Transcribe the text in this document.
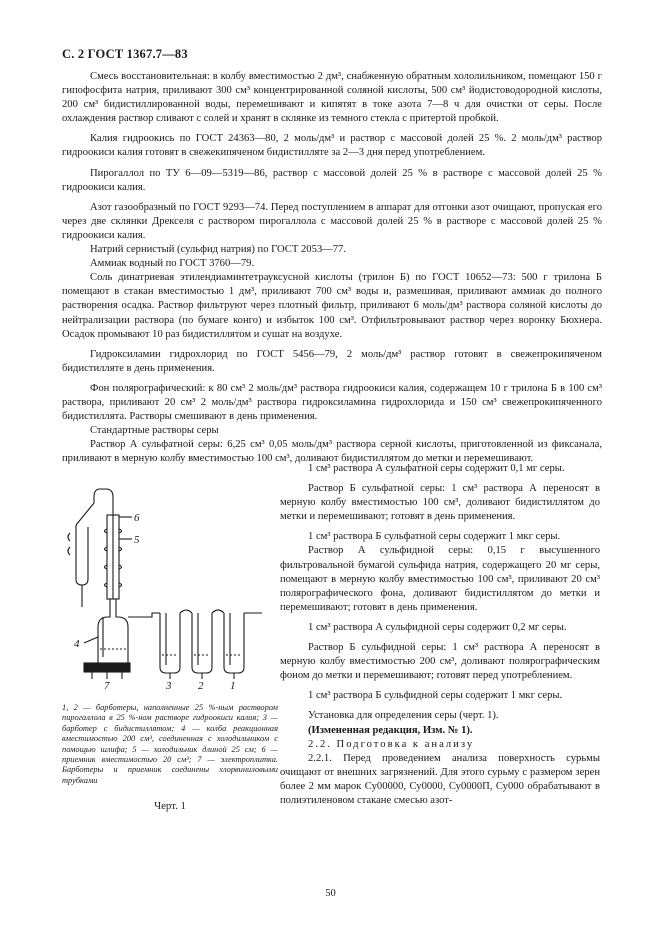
С. 2 ГОСТ 1367.7—83

Смесь восстановительная: в колбу вместимостью 2 дм³, снабженную обратным хололильником, помещают 150 г гипофосфита натрия, приливают 300 см³ концентрированной соляной кислоты, 500 см³ йодистоводородной кислоты, 200 см³ бидистиллированной воды, перемешивают и кипятят в токе азота 7—8 ч для очистки от серы. После охлаждения раствор сливают с солей и хранят в склянке из темного стекла с притертой пробкой.

Калия гидроокись по ГОСТ 24363—80, 2 моль/дм³ и раствор с массовой долей 25 %. 2 моль/дм³ раствор гидроокиси калия готовят в свежекипяченом бидистилляте за 2—3 дня перед употреблением.

Пирогаллол по ТУ 6—09—5319—86, раствор с массовой долей 25 % в растворе с массовой долей 25 % гидроокиси калия.

Азот газообразный по ГОСТ 9293—74. Перед поступлением в аппарат для отгонки азот очищают, пропуская его через две склянки Дрекселя с раствором пирогаллола с массовой долей 25 % в растворе с массовой долей 25 % гидроокиси калия.

Натрий сернистый (сульфид натрия) по ГОСТ 2053—77.

Аммиак водный по ГОСТ 3760—79.

Соль динатриевая этилендиаминтетрауксусной кислоты (трилон Б) по ГОСТ 10652—73: 500 г трилона Б помещают в стакан вместимостью 1 дм³, приливают 700 см³ воды и, размешивая, приливают аммиак до полного растворения осадка. Раствор фильтруют через плотный фильтр, приливают 6 моль/дм³ раствора соляной кислоты до нейтрализации раствора (по бумаге конго) и избыток 100 см³. Отфильтровывают раствор через воронку Бюхнера. Осадок промывают 10 раз бидистиллятом и сушат на воздухе.

Гидроксиламин гидрохлорид по ГОСТ 5456—79, 2 моль/дм³ раствор готовят в свежепрокипяченом бидистилляте в день применения.

Фон полярографический: к 80 см³ 2 моль/дм³ раствора гидроокиси калия, содержащем 10 г трилона Б в 100 см³ раствора, приливают 20 см³ 2 моль/дм³ раствора гидроксиламина гидрохлорида и 150 см³ свежепрокипяченного бидистиллята. Растворы смешивают в день применения.

Стандартные растворы серы

Раствор А сульфатной серы: 6,25 см³ 0,05 моль/дм³ раствора серной кислоты, приготовленной из фиксанала, приливают в мерную колбу вместимостью 100 см³, доливают бидистиллятом до метки и перемешивают.

6
5
4
7	3 2 1
1, 2 — барботеры, наполненные 25 %-ным раствором пирогаллола в 25 %-ном растворе гидроокиси калия; 3 — барботер с бидистиллятом; 4 — колба реакционная вместимостью 200 см³, соединенная с холодильником с помощью шлифа; 5 — холодильник длиной 25 см; 6 — приемник вместимостью 20 см³; 7 — электроплитка. Барботеры и приемник соединены хлорвиниловыми трубками
Черт. 1

1 см³ раствора А сульфатной серы содержит 0,1 мг серы.

Раствор Б сульфатной серы: 1 см³ раствора А переносят в мерную колбу вместимостью 100 см³, доливают бидистиллятом до метки и перемешивают; готовят в день применения.

1 см³ раствора Б сульфатной серы содержит 1 мкг серы.

Раствор А сульфидной серы: 0,15 г высушенного фильтровальной бумагой сульфида натрия, содержащего 20 мг серы, помещают в мерную колбу вместимостью 100 см³, приливают 20 см³ полярографического фона, доливают бидистиллятом до метки и перемешивают; готовят в день применения.

1 см³ раствора А сульфидной серы содержит 0,2 мг серы.

Раствор Б сульфидной серы: 1 см³ раствора А переносят в мерную колбу вместимостью 200 см³, доливают полярографическим фоном до метки и перемешивают; готовят перед употреблением.

1 см³ раствора Б сульфидной серы содержит 1 мкг серы.

Установка для определения серы (черт. 1).

(Измененная редакция, Изм. № 1).

2.2. Подготовка к анализу

2.2.1. Перед проведением анализа поверхность сурьмы очищают от внешних загрязнений. Для этого сурьму с размером зерен более 2 мм марок Су00000, Су0000, Су0000П, Су000 обрабатывают в полиэтиленовом стакане смесью азот-

50
